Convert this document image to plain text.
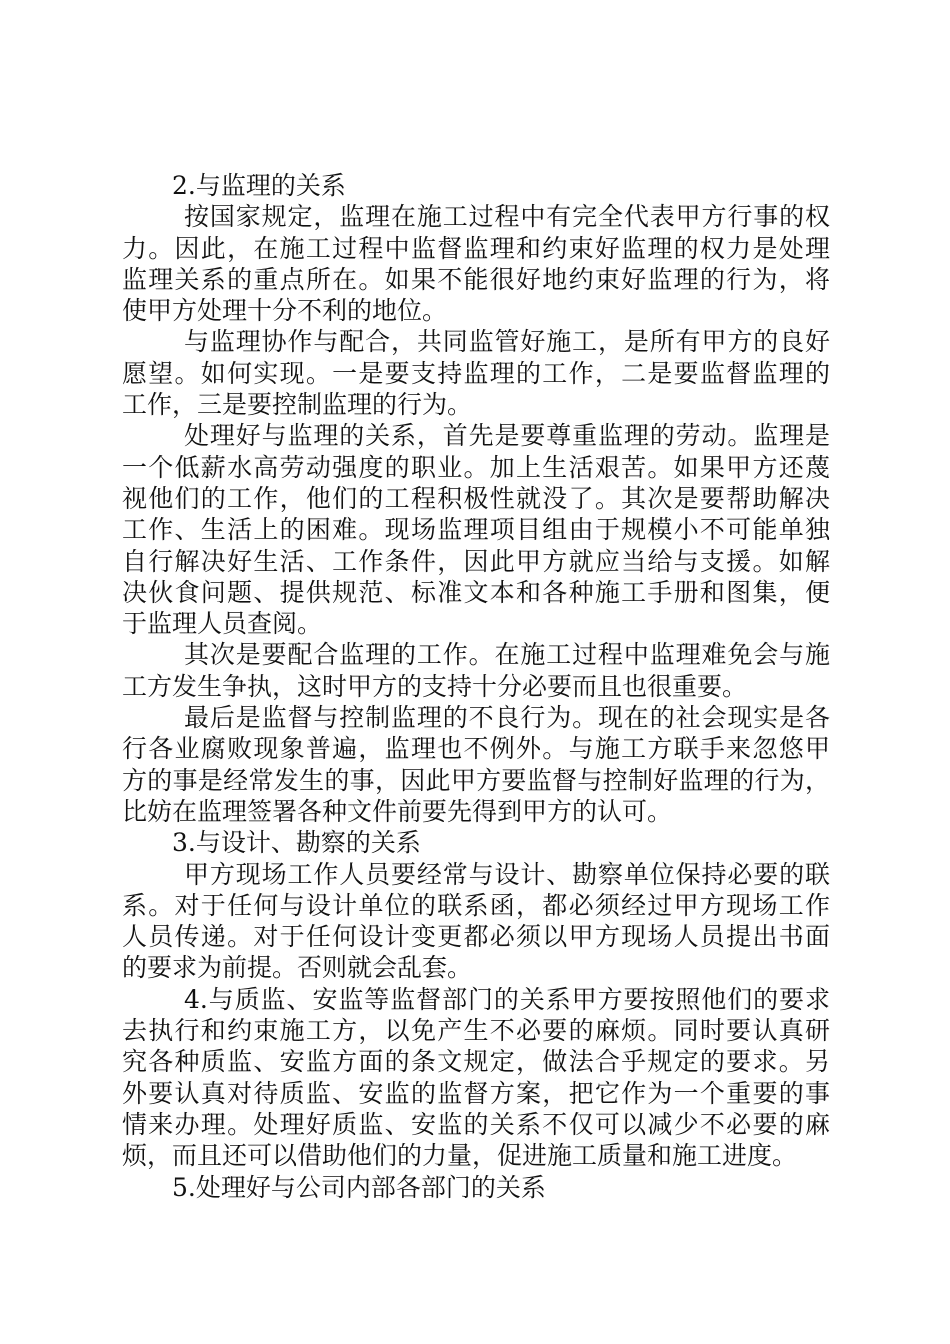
2.与监理的关系
按国家规定，监理在施工过程中有完全代表甲方行事的权
力。因此，在施工过程中监督监理和约束好监理的权力是处理
监理关系的重点所在。如果不能很好地约束好监理的行为，将
使甲方处理十分不利的地位。
与监理协作与配合，共同监管好施工，是所有甲方的良好
愿望。如何实现。一是要支持监理的工作，二是要监督监理的
工作，三是要控制监理的行为。
处理好与监理的关系，首先是要尊重监理的劳动。监理是
一个低薪水高劳动强度的职业。加上生活艰苦。如果甲方还蔑
视他们的工作，他们的工程积极性就没了。其次是要帮助解决
工作、生活上的困难。现场监理项目组由于规模小不可能单独
自行解决好生活、工作条件，因此甲方就应当给与支援。如解
决伙食问题、提供规范、标准文本和各种施工手册和图集，便
于监理人员查阅。
其次是要配合监理的工作。在施工过程中监理难免会与施
工方发生争执，这时甲方的支持十分必要而且也很重要。
最后是监督与控制监理的不良行为。现在的社会现实是各
行各业腐败现象普遍，监理也不例外。与施工方联手来忽悠甲
方的事是经常发生的事，因此甲方要监督与控制好监理的行为，
比妨在监理签署各种文件前要先得到甲方的认可。
3.与设计、勘察的关系
甲方现场工作人员要经常与设计、勘察单位保持必要的联
系。对于任何与设计单位的联系函，都必须经过甲方现场工作
人员传递。对于任何设计变更都必须以甲方现场人员提出书面
的要求为前提。否则就会乱套。
4.与质监、安监等监督部门的关系甲方要按照他们的要求
去执行和约束施工方，以免产生不必要的麻烦。同时要认真研
究各种质监、安监方面的条文规定，做法合乎规定的要求。另
外要认真对待质监、安监的监督方案，把它作为一个重要的事
情来办理。处理好质监、安监的关系不仅可以减少不必要的麻
烦，而且还可以借助他们的力量，促进施工质量和施工进度。
5.处理好与公司内部各部门的关系
